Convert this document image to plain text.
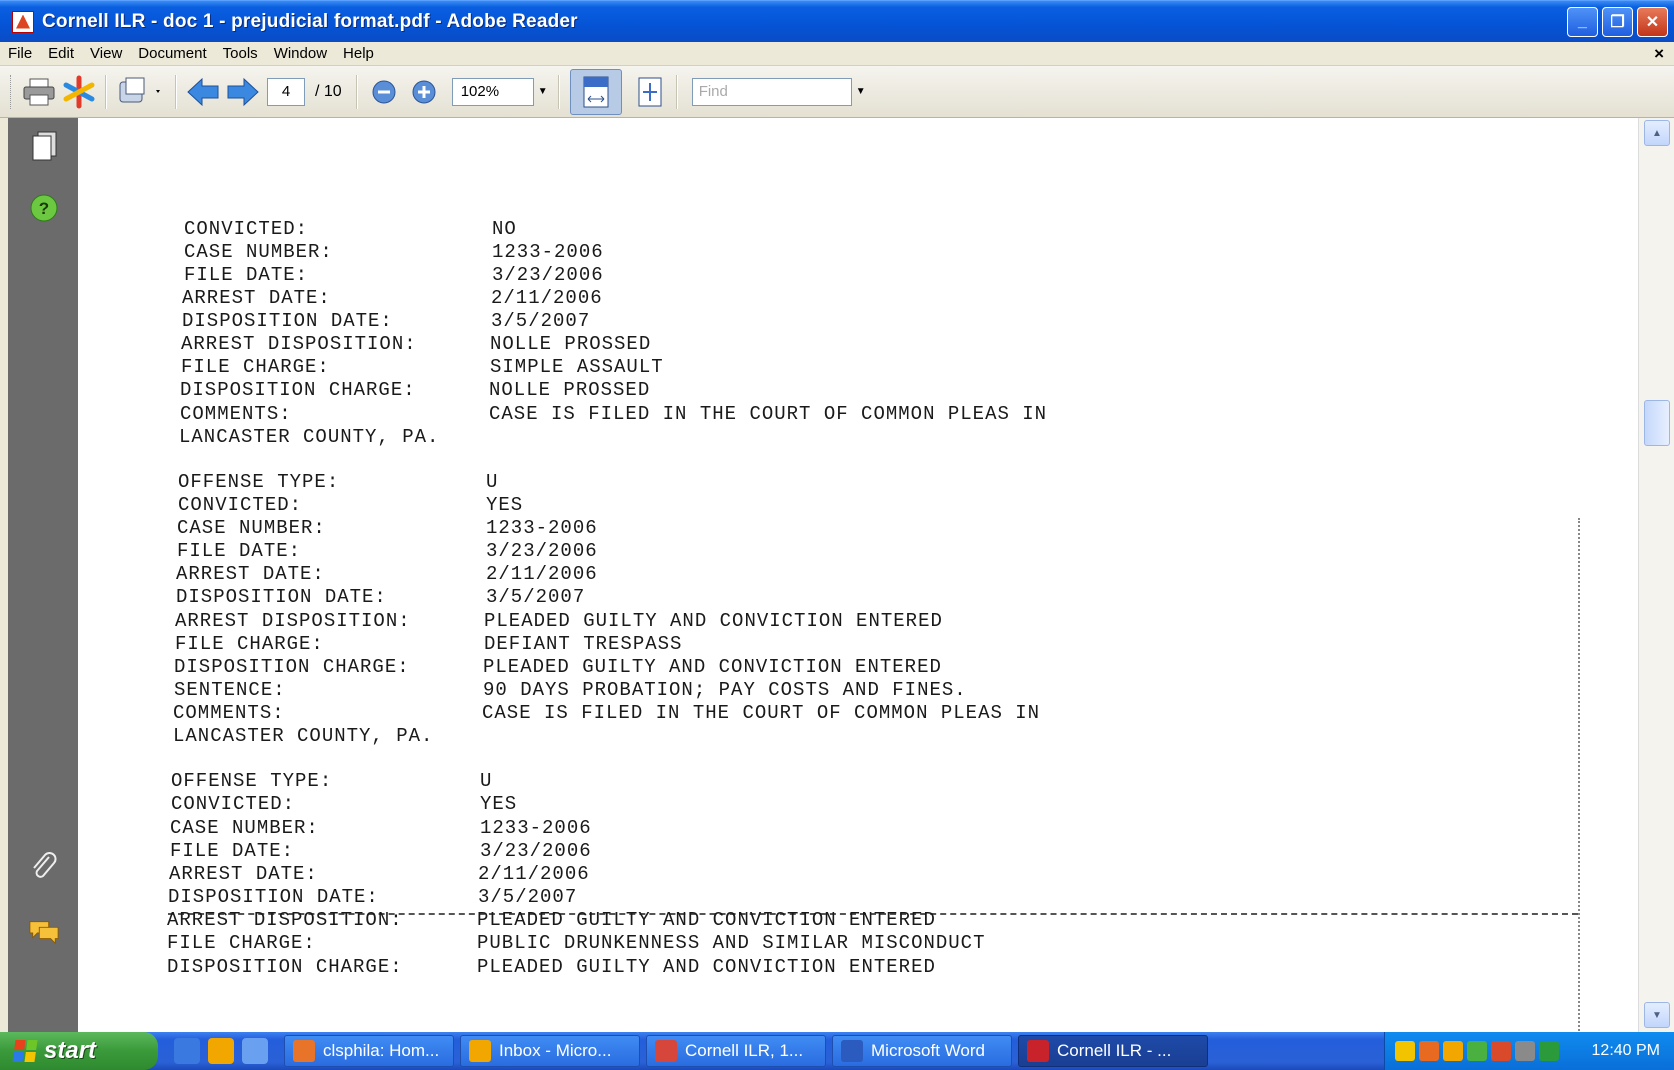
Cornell ILR - doc 1 - prejudicial format.pdf - Adobe Reader	_	❐	✕
File	Edit	View	Document	Tools	Window	Help	×
4	/ 10	102%	▼	Find	▼
?
CONVICTED:	NO
CASE NUMBER:	1233-2006
FILE DATE:	3/23/2006
ARREST DATE:	2/11/2006
DISPOSITION DATE:	3/5/2007
ARREST DISPOSITION:	NOLLE PROSSED
FILE CHARGE:	SIMPLE ASSAULT
DISPOSITION CHARGE:	NOLLE PROSSED
COMMENTS:	CASE IS FILED IN THE COURT OF COMMON PLEAS IN
LANCASTER COUNTY, PA.
OFFENSE TYPE:	U
CONVICTED:	YES
CASE NUMBER:	1233-2006
FILE DATE:	3/23/2006
ARREST DATE:	2/11/2006
DISPOSITION DATE:	3/5/2007
ARREST DISPOSITION:	PLEADED GUILTY AND CONVICTION ENTERED
FILE CHARGE:	DEFIANT TRESPASS
DISPOSITION CHARGE:	PLEADED GUILTY AND CONVICTION ENTERED
SENTENCE:	90 DAYS PROBATION; PAY COSTS AND FINES.
COMMENTS:	CASE IS FILED IN THE COURT OF COMMON PLEAS IN
LANCASTER COUNTY, PA.
OFFENSE TYPE:	U
CONVICTED:	YES
CASE NUMBER:	1233-2006
FILE DATE:	3/23/2006
ARREST DATE:	2/11/2006
DISPOSITION DATE:	3/5/2007
ARREST DISPOSITION:	PLEADED GUILTY AND CONVICTION ENTERED
FILE CHARGE:	PUBLIC DRUNKENNESS AND SIMILAR MISCONDUCT
DISPOSITION CHARGE:	PLEADED GUILTY AND CONVICTION ENTERED
▲
▼
start	clsphila: Hom...	Inbox - Micro...	Cornell ILR, 1...	Microsoft Word	Cornell ILR - ...	12:40 PM
